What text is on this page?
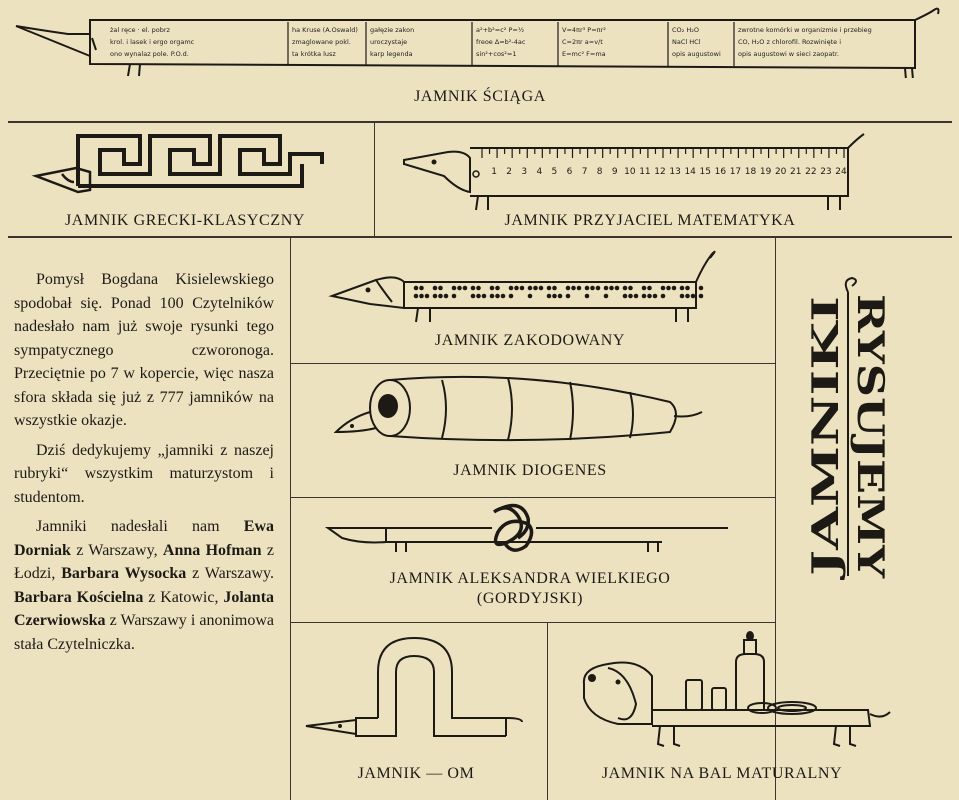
żal ręce · el. pobrz
krol. i lasek i ergo orgamc
ono wynalaz pole. P.O.d.
ha Kruse (A.Oswald)
zmaglowane pokl.
ta krótka lusz
gałęzie zakon
uroczystaje
karp legenda
a²+b²=c² P=½
freoe ∆=b²-4ac
sin²+cos²=1
V=4πr³ P=πr²
C=2πr a=v/t
E=mc² F=ma
CO₂ H₂O
NaCl HCl
opis augustowi
zwrotne komórki w organizmie i przebieg
CO, H₂O z chlorofil. Rozwinięte i
opis augustowi w sieci zaopatr.
JAMNIK ŚCIĄGA
JAMNIK GRECKI-KLASYCZNY
1 2 3 4 5 6 7 8 9 10 11 12 13 14 15 16 17 18 19 20 21 22 23 24
JAMNIK PRZYJACIEL MATEMATYKA

Pomysł Bogdana Kisielewskiego spodobał się. Ponad 100 Czytelników nadesłało nam już swoje rysunki tego sympatycznego czworonoga. Przeciętnie po 7 w kopercie, więc nasza sfora składa się już z 777 jamników na wszystkie okazje.

Dziś dedykujemy „jamniki z naszej rubryki“ wszystkim maturzystom i studentom.

Jamniki nadesłali nam Ewa Dorniak z Warszawy, Anna Hofman z Łodzi, Barbara Wysocka z Warszawy. Barbara Kościelna z Katowic, Jolanta Czerwiowska z Warszawy i anonimowa stała Czytelniczka.

JAMNIK ZAKODOWANY
JAMNIK DIOGENES
JAMNIK ALEKSANDRA WIELKIEGO
(GORDYJSKI)
JAMNIK — OM	JAMNIK NA BAL MATURALNY
RYSUJEMY
JAMNIKI
